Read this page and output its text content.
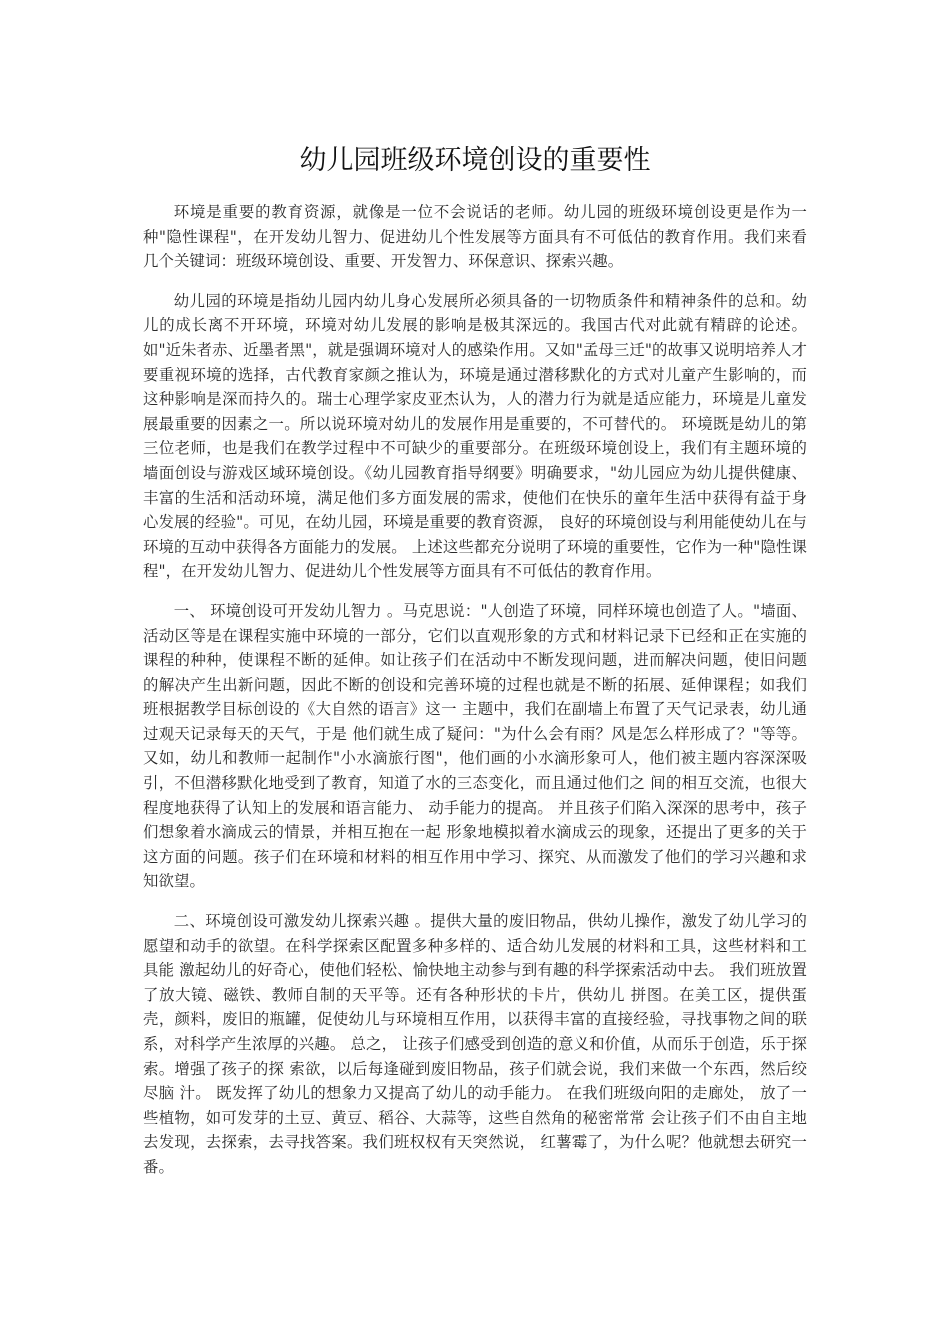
幼儿园班级环境创设的重要性

环境是重要的教育资源，就像是一位不会说话的老师。幼儿园的班级环境创设更是作为一种"隐性课程"，在开发幼儿智力、促进幼儿个性发展等方面具有不可低估的教育作用。我们来看几个关键词：班级环境创设、重要、开发智力、环保意识、探索兴趣。

幼儿园的环境是指幼儿园内幼儿身心发展所必须具备的一切物质条件和精神条件的总和。幼儿的成长离不开环境，环境对幼儿发展的影响是极其深远的。我国古代对此就有精辟的论述。如"近朱者赤、近墨者黑"，就是强调环境对人的感染作用。又如"孟母三迁"的故事又说明培养人才要重视环境的选择，古代教育家颜之推认为，环境是通过潜移默化的方式对儿童产生影响的，而这种影响是深而持久的。瑞士心理学家皮亚杰认为，人的潜力行为就是适应能力，环境是儿童发展最重要的因素之一。所以说环境对幼儿的发展作用是重要的，不可替代的。 环境既是幼儿的第三位老师，也是我们在教学过程中不可缺少的重要部分。在班级环境创设上，我们有主题环境的墙面创设与游戏区域环境创设。《幼儿园教育指导纲要》明确要求，"幼儿园应为幼儿提供健康、丰富的生活和活动环境，满足他们多方面发展的需求，使他们在快乐的童年生活中获得有益于身心发展的经验"。可见，在幼儿园，环境是重要的教育资源， 良好的环境创设与利用能使幼儿在与环境的互动中获得各方面能力的发展。 上述这些都充分说明了环境的重要性，它作为一种"隐性课程"，在开发幼儿智力、促进幼儿个性发展等方面具有不可低估的教育作用。

一、 环境创设可开发幼儿智力 。马克思说："人创造了环境，同样环境也创造了人。"墙面、活动区等是在课程实施中环境的一部分，它们以直观形象的方式和材料记录下已经和正在实施的课程的种种，使课程不断的延伸。如让孩子们在活动中不断发现问题，进而解决问题，使旧问题的解决产生出新问题，因此不断的创设和完善环境的过程也就是不断的拓展、延伸课程；如我们班根据教学目标创设的《大自然的语言》这一 主题中，我们在副墙上布置了天气记录表，幼儿通过观天记录每天的天气，于是 他们就生成了疑问："为什么会有雨？风是怎么样形成了？"等等。又如，幼儿和教师一起制作"小水滴旅行图"，他们画的小水滴形象可人，他们被主题内容深深吸引，不但潜移默化地受到了教育，知道了水的三态变化，而且通过他们之 间的相互交流，也很大程度地获得了认知上的发展和语言能力、 动手能力的提高。 并且孩子们陷入深深的思考中，孩子们想象着水滴成云的情景，并相互抱在一起 形象地模拟着水滴成云的现象，还提出了更多的关于这方面的问题。孩子们在环境和材料的相互作用中学习、探究、从而激发了他们的学习兴趣和求知欲望。

二、环境创设可激发幼儿探索兴趣 。提供大量的废旧物品，供幼儿操作，激发了幼儿学习的愿望和动手的欲望。在科学探索区配置多种多样的、适合幼儿发展的材料和工具，这些材料和工具能 激起幼儿的好奇心，使他们轻松、愉快地主动参与到有趣的科学探索活动中去。 我们班放置了放大镜、磁铁、教师自制的天平等。还有各种形状的卡片，供幼儿 拼图。在美工区，提供蛋壳，颜料，废旧的瓶罐，促使幼儿与环境相互作用，以获得丰富的直接经验，寻找事物之间的联系，对科学产生浓厚的兴趣。 总之， 让孩子们感受到创造的意义和价值，从而乐于创造，乐于探索。增强了孩子的探 索欲，以后每逢碰到废旧物品，孩子们就会说，我们来做一个东西，然后绞尽脑 汁。 既发挥了幼儿的想象力又提高了幼儿的动手能力。 在我们班级向阳的走廊处， 放了一些植物，如可发芽的土豆、黄豆、稻谷、大蒜等，这些自然角的秘密常常 会让孩子们不由自主地去发现，去探索，去寻找答案。我们班权权有天突然说， 红薯霉了，为什么呢？他就想去研究一番。
